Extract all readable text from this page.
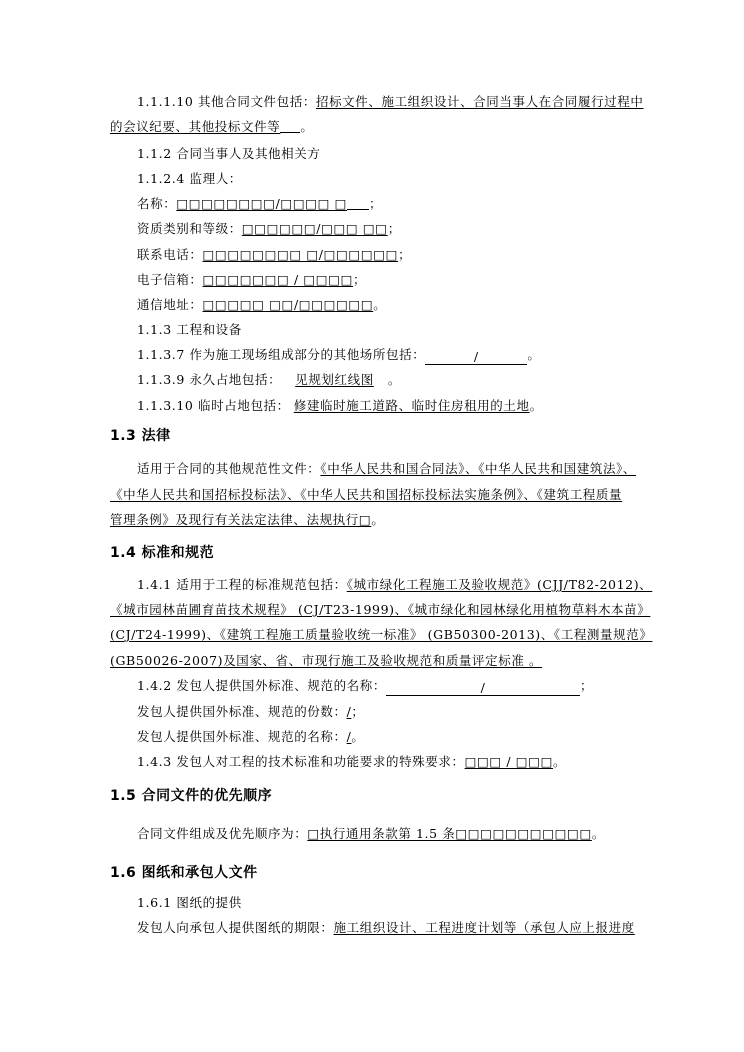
1.1.1.10 其他合同文件包括：招标文件、施工组织设计、合同当事人在合同履行过程中
的会议纪要、其他投标文件等 。
1.1.2 合同当事人及其他相关方
1.1.2.4 监理人：
名称：□□□□□□□□/□□□□ □ ；
资质类别和等级：□□□□□□/□□□ □□；
联系电话：□□□□□□□□ □/□□□□□□；
电子信箱：□□□□□□□ / □□□□；
通信地址：□□□□□ □□/□□□□□□。
1.1.3 工程和设备
1.1.3.7 作为施工现场组成部分的其他场所包括：	/	。
1.1.3.9 永久占地包括： 见规划红线图 。
1.1.3.10 临时占地包括： 修建临时施工道路、临时住房租用的土地。
1.3 法律
适用于合同的其他规范性文件：《中华人民共和国合同法》、《中华人民共和国建筑法》、
《中华人民共和国招标投标法》、《中华人民共和国招标投标法实施条例》、《建筑工程质量
管理条例》及现行有关法定法律、法规执行□。
1.4 标准和规范
1.4.1 适用于工程的标准规范包括：《城市绿化工程施工及验收规范》(CJJ/T82-2012)、
《城市园林苗圃育苗技术规程》 (CJ/T23-1999)、《城市绿化和园林绿化用植物草料木本苗》
(CJ/T24-1999)、《建筑工程施工质量验收统一标准》 (GB50300-2013)、《工程测量规范》
(GB50026-2007)及国家、省、市现行施工及验收规范和质量评定标准 。
1.4.2 发包人提供国外标准、规范的名称：	/	；
发包人提供国外标准、规范的份数：/；
发包人提供国外标准、规范的名称：/。
1.4.3 发包人对工程的技术标准和功能要求的特殊要求：□□□ / □□□。
1.5 合同文件的优先顺序
合同文件组成及优先顺序为：□执行通用条款第 1.5 条□□□□□□□□□□□。
1.6 图纸和承包人文件
1.6.1 图纸的提供
发包人向承包人提供图纸的期限：施工组织设计、工程进度计划等（承包人应上报进度
